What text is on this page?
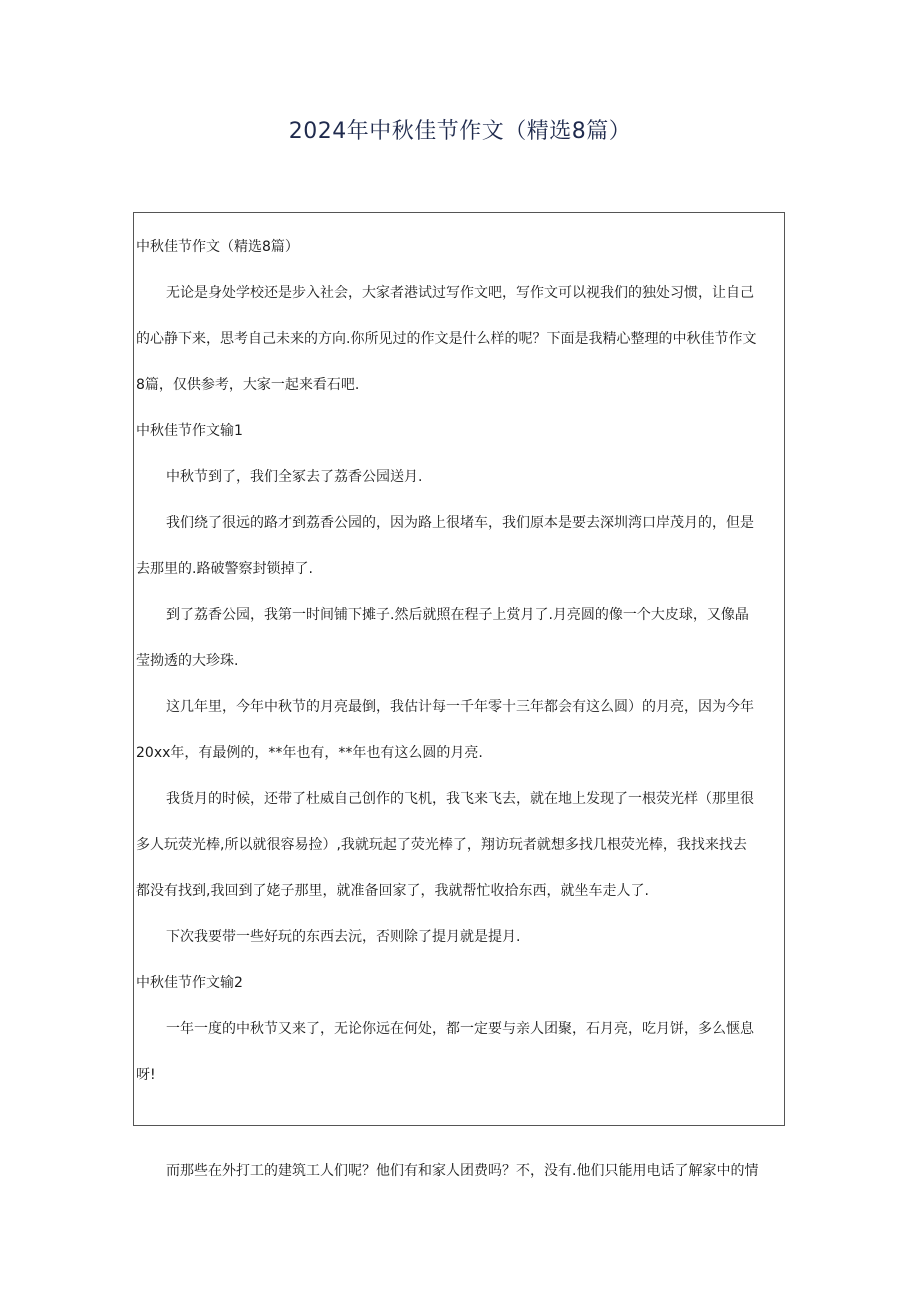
2024年中秋佳节作文（精选8篇）

中秋佳节作文（精选8篇）

无论是身处学校还是步入社会，大家者港试过写作文吧，写作文可以视我们的独处习惯，让自己

的心静下来，思考自己未来的方向.你所见过的作文是什么样的呢？下面是我精心整理的中秋佳节作文

8篇，仅供参考，大家一起来看石吧.

中秋佳节作文输1

中秋节到了，我们全冢去了荔香公园送月.

我们绕了很远的路才到荔香公园的，因为路上很堵车，我们原本是要去深圳湾口岸茂月的，但是

去那里的.路破警察封锁掉了.

到了荔香公园，我第一时间铺下摊子.然后就照在程子上赏月了.月亮圆的像一个大皮球，又像晶

莹拗透的大珍珠.

这几年里，今年中秋节的月亮最倒，我估计每一千年零十三年都会有这么圆）的月亮，因为今年

20xx年，有最例的，**年也有，**年也有这么圆的月亮.

我货月的时候，还带了杜威自己创作的飞机，我飞来飞去，就在地上发现了一根荧光样（那里很

多人玩荧光棒,所以就很容易捡）,我就玩起了荧光棒了，翔访玩者就想多找几根荧光棒，我找来找去

都没有找到,我回到了姥子那里，就准备回家了，我就帮忙收拾东西，就坐车走人了.

下次我要带一些好玩的东西去沅，否则除了提月就是提月.

中秋佳节作文输2

一年一度的中秋节又来了，无论你远在何处，都一定要与亲人团聚，石月亮，吃月饼，多么惬息

呀!

而那些在外打工的建筑工人们呢？他们有和家人团费吗？不，没有.他们只能用电话了解家中的情
